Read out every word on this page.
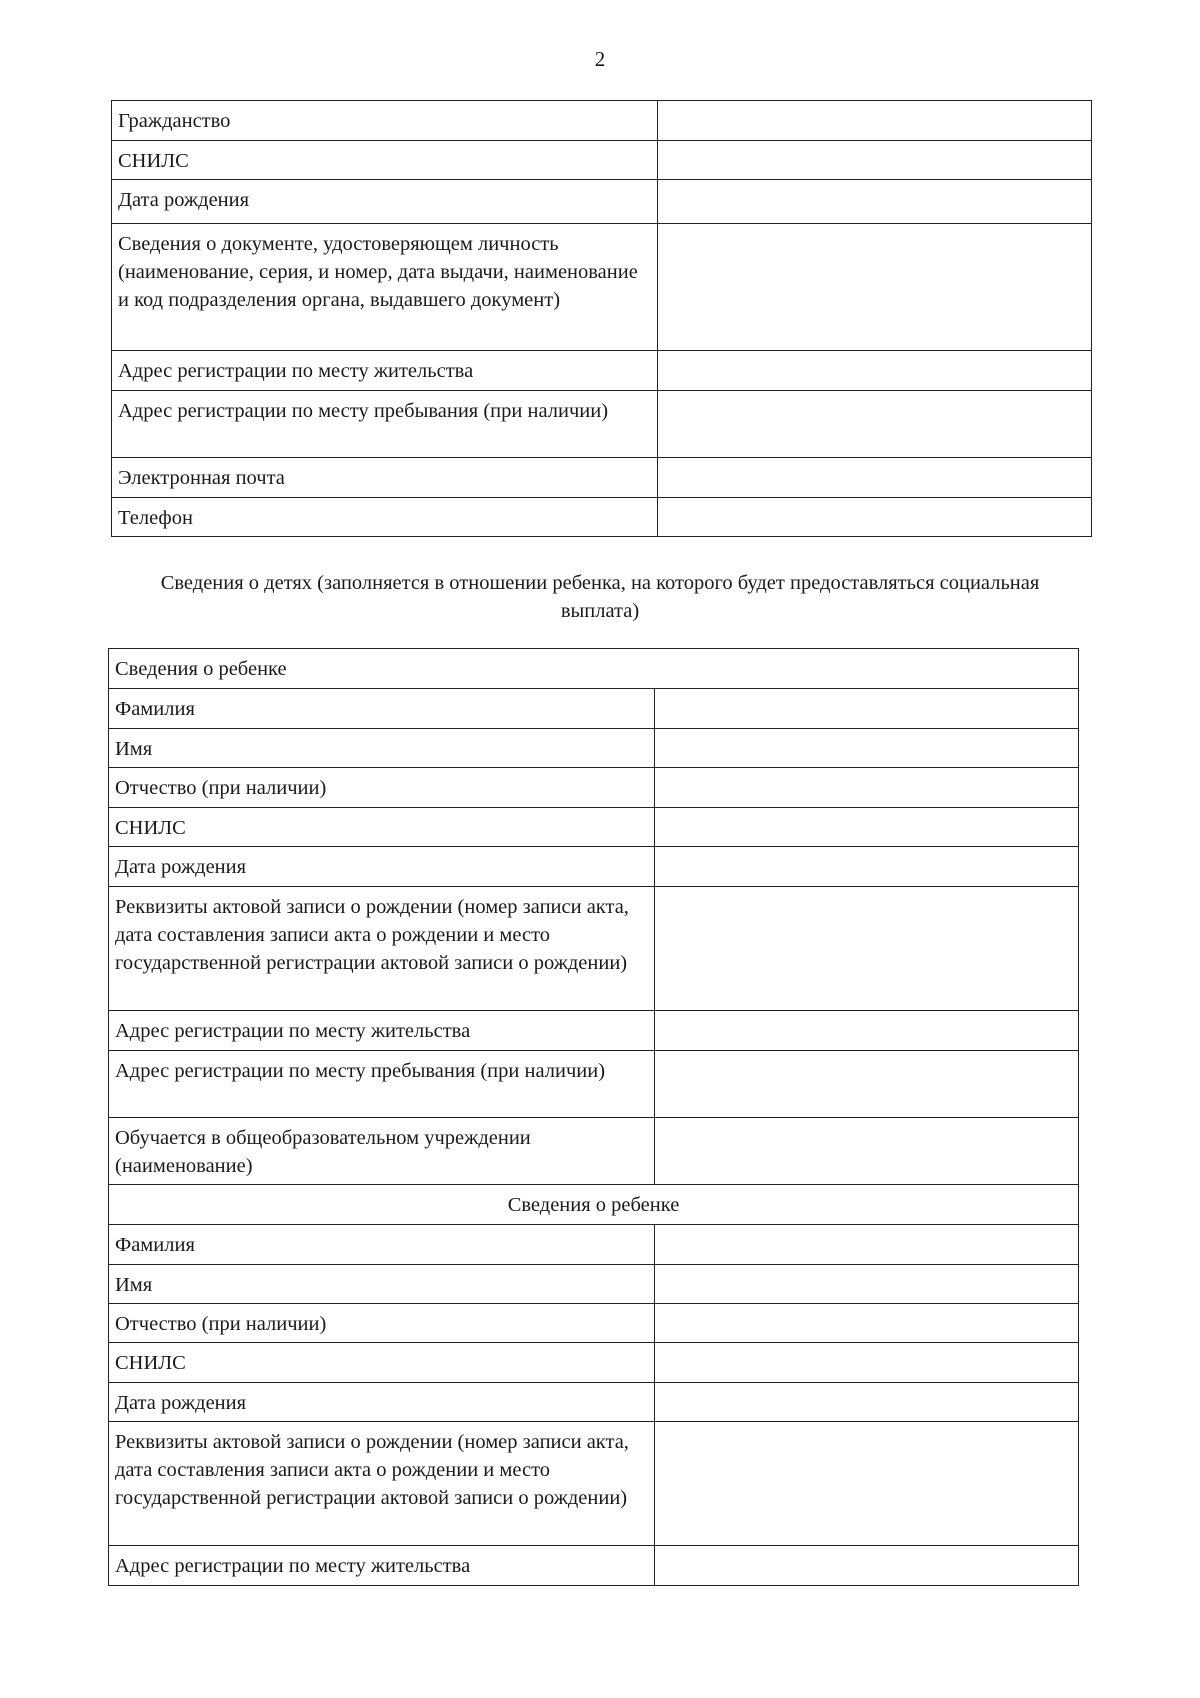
2
Гражданство	
СНИЛС	
Дата рождения	
Сведения о документе, удостоверяющем личность (наименование, серия, и номер, дата выдачи, наименование и код подразделения органа, выдавшего документ)	
Адрес регистрации по месту жительства	
Адрес регистрации по месту пребывания (при наличии)	
Электронная почта	
Телефон	
Сведения о детях (заполняется в отношении ребенка, на которого будет предоставляться социальная выплата)
Сведения о ребенке	
Фамилия	
Имя	
Отчество (при наличии)	
СНИЛС	
Дата рождения	
Реквизиты актовой записи о рождении (номер записи акта, дата составления записи акта о рождении и место государственной регистрации актовой записи о рождении)	
Адрес регистрации по месту жительства	
Адрес регистрации по месту пребывания (при наличии)	
Обучается в общеобразовательном учреждении (наименование)	
Сведения о ребенке	
Фамилия	
Имя	
Отчество (при наличии)	
СНИЛС	
Дата рождения	
Реквизиты актовой записи о рождении (номер записи акта, дата составления записи акта о рождении и место государственной регистрации актовой записи о рождении)	
Адрес регистрации по месту жительства	
